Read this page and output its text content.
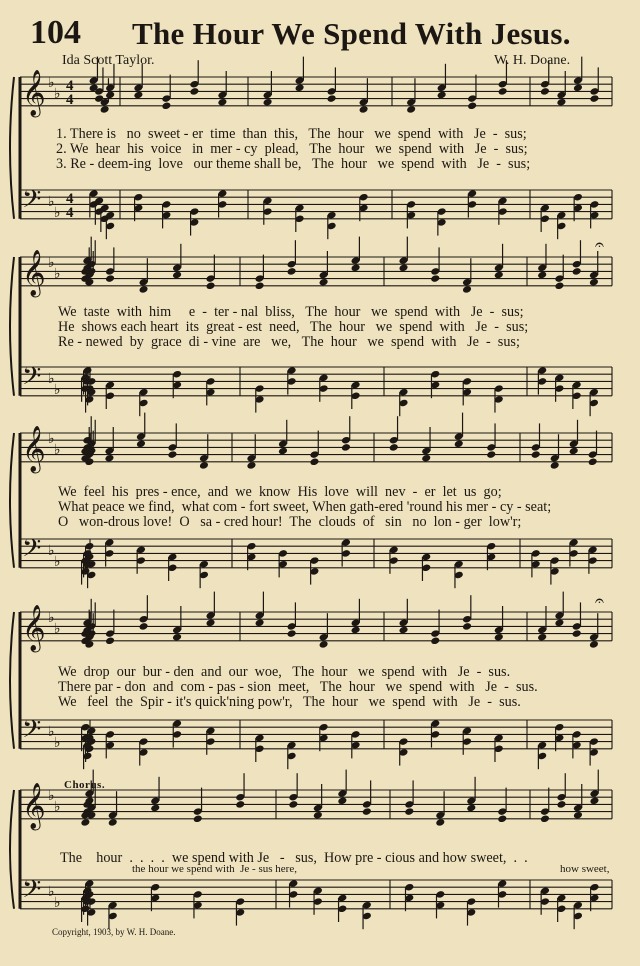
104 The Hour We Spend With Jesus.
Ida Scott Taylor.	W. H. Doane.
𝄞 ♭
♭
4
4
𝄢 ♭
♭
4
4
𝄞 ♭
♭
𝄢 ♭
♭
𝄞 ♭
♭
𝄢 ♭
♭
𝄞 ♭
♭
𝄢 ♭
♭
𝄞 ♭
♭
𝄢 ♭
♭
𝄐
𝄐
1. There is   no  sweet - er  time  than  this,   The  hour   we  spend  with   Je  -  sus;
2. We  hear  his  voice   in  mer - cy  plead,   The  hour   we  spend  with   Je  -  sus;
3. Re - deem-ing  love   our theme shall be,   The  hour   we  spend  with   Je  -  sus;
We  taste  with  him     e  -  ter - nal  bliss,   The  hour   we  spend  with   Je  -  sus;
He  shows each heart  its  great - est  need,   The  hour   we  spend  with   Je  -  sus;
Re - newed  by  grace  di - vine  are   we,   The  hour   we  spend  with   Je  -  sus;
We  feel  his  pres - ence,  and  we  know  His  love  will  nev  -  er  let  us  go;
What peace we find,  what com - fort sweet, When gath-ered 'round his mer - cy - seat;
O   won-drous love!  O   sa - cred hour!  The  clouds  of   sin   no  lon - ger  low'r;
We  drop  our  bur - den  and  our  woe,   The  hour   we  spend  with   Je  -  sus.
There par - don  and  com - pas - sion  meet,   The  hour   we  spend  with   Je  -  sus.
We   feel  the  Spir - it's quick'ning pow'r,   The  hour   we  spend  with   Je  -  sus.
Chorus.
The    hour  .  .  .  .  we spend with Je   -   sus,  How pre - cious and how sweet,  .  .
the hour we spend with  Je - sus here,	how sweet,
Copyright, 1903, by W. H. Doane.
